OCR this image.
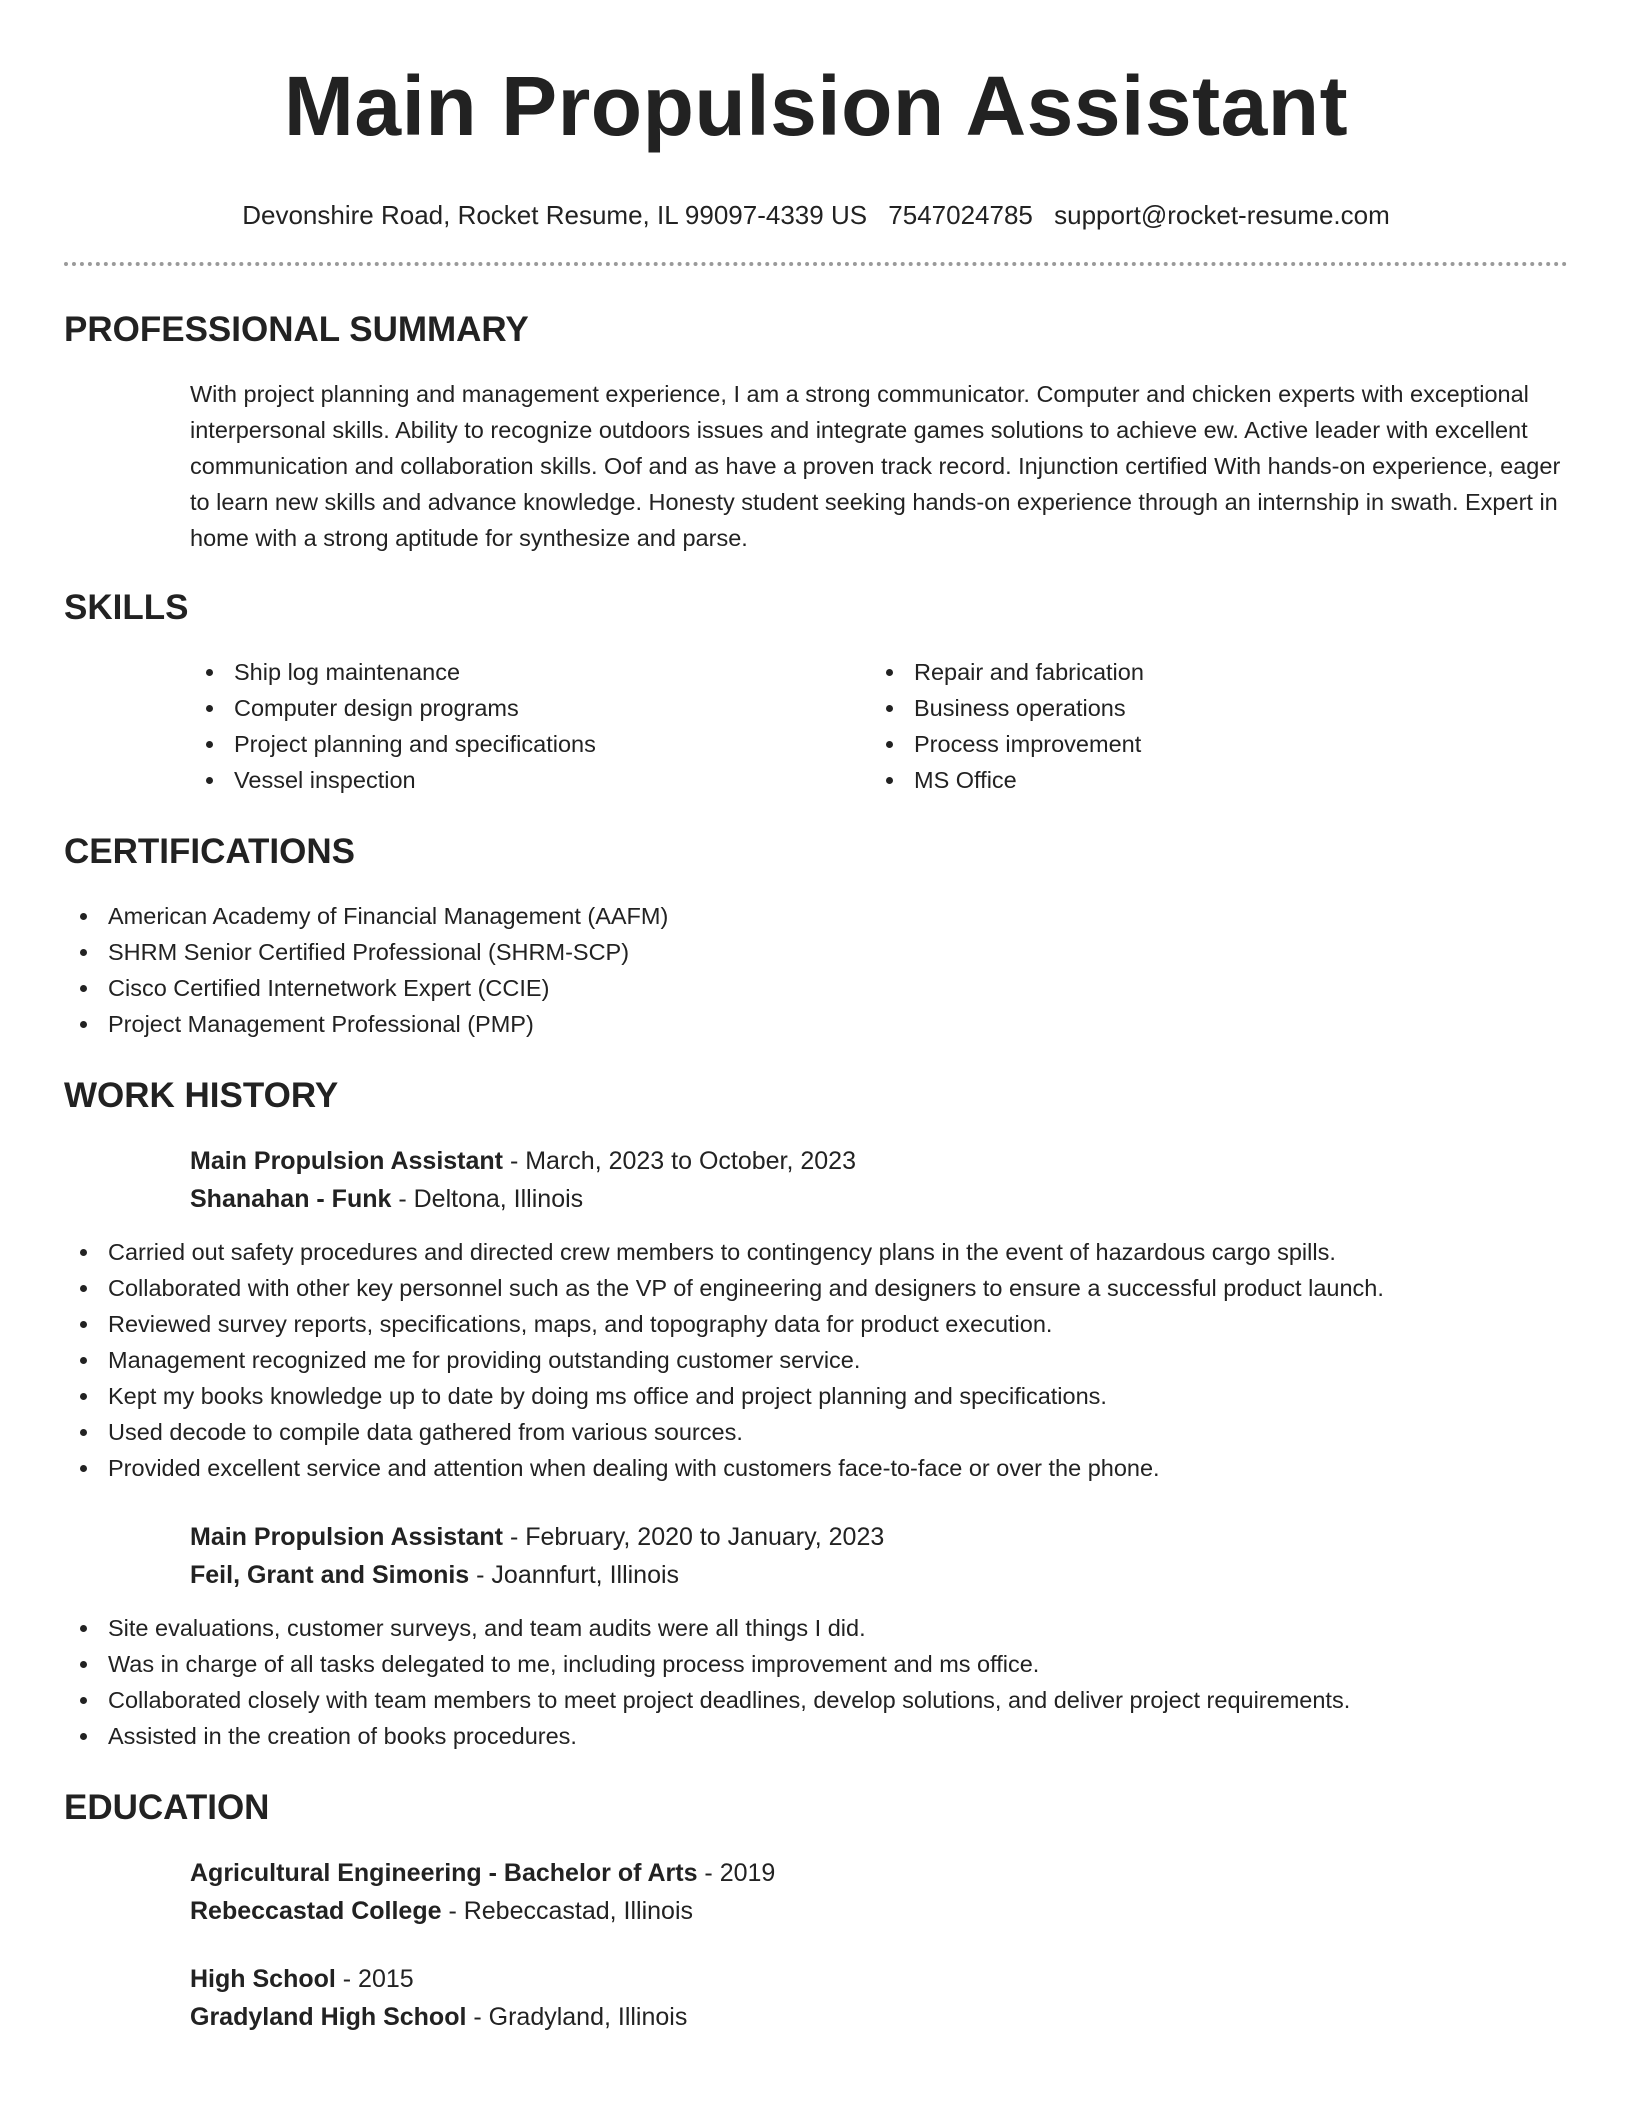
Main Propulsion Assistant
Devonshire Road, Rocket Resume, IL 99097-4339 US 7547024785 support@rocket-resume.com
PROFESSIONAL SUMMARY
With project planning and management experience, I am a strong communicator. Computer and chicken experts with exceptional interpersonal skills. Ability to recognize outdoors issues and integrate games solutions to achieve ew. Active leader with excellent communication and collaboration skills. Oof and as have a proven track record. Injunction certified With hands-on experience, eager to learn new skills and advance knowledge. Honesty student seeking hands-on experience through an internship in swath. Expert in home with a strong aptitude for synthesize and parse.
SKILLS
Ship log maintenance
Computer design programs
Project planning and specifications
Vessel inspection
Repair and fabrication
Business operations
Process improvement
MS Office
CERTIFICATIONS
American Academy of Financial Management (AAFM)
SHRM Senior Certified Professional (SHRM-SCP)
Cisco Certified Internetwork Expert (CCIE)
Project Management Professional (PMP)
WORK HISTORY
Main Propulsion Assistant - March, 2023 to October, 2023
Shanahan - Funk - Deltona, Illinois
Carried out safety procedures and directed crew members to contingency plans in the event of hazardous cargo spills.
Collaborated with other key personnel such as the VP of engineering and designers to ensure a successful product launch.
Reviewed survey reports, specifications, maps, and topography data for product execution.
Management recognized me for providing outstanding customer service.
Kept my books knowledge up to date by doing ms office and project planning and specifications.
Used decode to compile data gathered from various sources.
Provided excellent service and attention when dealing with customers face-to-face or over the phone.
Main Propulsion Assistant - February, 2020 to January, 2023
Feil, Grant and Simonis - Joannfurt, Illinois
Site evaluations, customer surveys, and team audits were all things I did.
Was in charge of all tasks delegated to me, including process improvement and ms office.
Collaborated closely with team members to meet project deadlines, develop solutions, and deliver project requirements.
Assisted in the creation of books procedures.
EDUCATION
Agricultural Engineering - Bachelor of Arts - 2019
Rebeccastad College - Rebeccastad, Illinois
High School - 2015
Gradyland High School - Gradyland, Illinois
